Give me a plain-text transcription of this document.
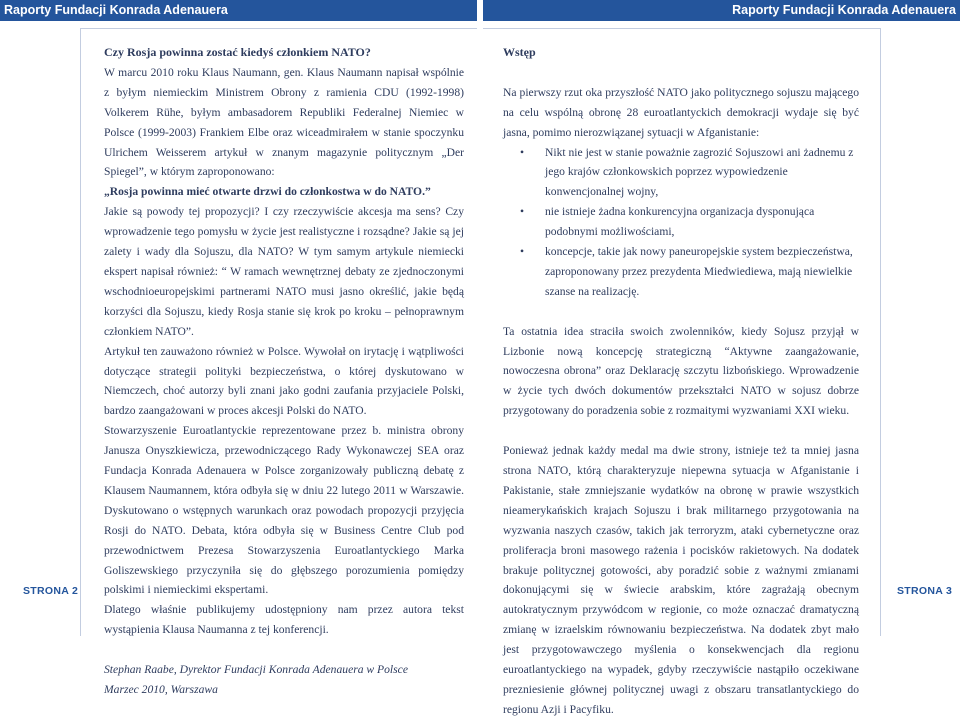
Raporty Fundacji Konrada Adenauera	Raporty Fundacji Konrada Adenauera

Czy Rosja powinna zostać kiedyś członkiem NATO?

W marcu 2010 roku Klaus Naumann, gen. Klaus Naumann napisał wspólnie z byłym niemieckim Ministrem Obrony z ramienia CDU (1992-1998) Volkerem Rühe, byłym ambasadorem Republiki Federalnej Niemiec w Polsce (1999-2003) Frankiem Elbe oraz wiceadmirałem w stanie spoczynku Ulrichem Weisserem artykuł w znanym magazynie politycznym „Der Spiegel”, w którym zaproponowano:

„Rosja powinna mieć otwarte drzwi do członkostwa w do NATO.”

Jakie są powody tej propozycji? I czy rzeczywiście akcesja ma sens? Czy wprowadzenie tego pomysłu w życie jest realistyczne i rozsądne? Jakie są jej zalety i wady dla Sojuszu, dla NATO? W tym samym artykule niemiecki ekspert napisał również: “ W ramach wewnętrznej debaty ze zjednoczonymi wschodnioeuropejskimi partnerami NATO musi jasno określić, jakie będą korzyści dla Sojuszu, kiedy Rosja stanie się krok po kroku – pełnoprawnym członkiem NATO”.

Artykuł ten zauważono również w Polsce. Wywołał on irytację i wątpliwości dotyczące strategii polityki bezpieczeństwa, o której dyskutowano w Niemczech, choć autorzy byli znani jako godni zaufania przyjaciele Polski, bardzo zaangażowani w proces akcesji Polski do NATO.

Stowarzyszenie Euroatlantyckie reprezentowane przez b. ministra obrony Janusza Onyszkiewicza, przewodniczącego Rady Wykonawczej SEA oraz Fundacja Konrada Adenauera w Polsce zorganizowały publiczną debatę z Klausem Naumannem, która odbyła się w dniu 22 lutego 2011 w Warszawie. Dyskutowano o wstępnych warunkach oraz powodach propozycji przyjęcia Rosji do NATO. Debata, która odbyła się w Business Centre Club pod przewodnictwem Prezesa Stowarzyszenia Euroatlantyckiego Marka Goliszewskiego przyczyniła się do głębszego porozumienia pomiędzy polskimi i niemieckimi ekspertami.

Dlatego właśnie publikujemy udostępniony nam przez autora tekst wystąpienia Klausa Naumanna z tej konferencji.

Stephan Raabe, Dyrektor Fundacji Konrada Adenauera w Polsce

Marzec 2010, Warszawa

Wstęp

Na pierwszy rzut oka przyszłość NATO jako politycznego sojuszu mającego na celu wspólną obronę 28 euroatlantyckich demokracji wydaje się być jasna, pomimo nierozwiązanej sytuacji w Afganistanie:

• Nikt nie jest w stanie poważnie zagrozić Sojuszowi ani żadnemu z jego krajów członkowskich poprzez wypowiedzenie konwencjonalnej wojny,
• nie istnieje żadna konkurencyjna organizacja dysponująca podobnymi możliwościami,
• koncepcje, takie jak nowy paneuropejskie system bezpieczeństwa, zaproponowany przez prezydenta Miedwiediewa, mają niewielkie szanse na realizację.

Ta ostatnia idea straciła swoich zwolenników, kiedy Sojusz przyjął w Lizbonie nową koncepcję strategiczną “Aktywne zaangażowanie, nowoczesna obrona” oraz Deklarację szczytu lizbońskiego. Wprowadzenie w życie tych dwóch dokumentów przekształci NATO w sojusz dobrze przygotowany do poradzenia sobie z rozmaitymi wyzwaniami XXI wieku.

Ponieważ jednak każdy medal ma dwie strony, istnieje też ta mniej jasna strona NATO, którą charakteryzuje niepewna sytuacja w Afganistanie i Pakistanie, stałe zmniejszanie wydatków na obronę w prawie wszystkich nieamerykańskich krajach Sojuszu i brak militarnego przygotowania na wyzwania naszych czasów, takich jak terroryzm, ataki cybernetyczne oraz proliferacja broni masowego rażenia i pocisków rakietowych. Na dodatek brakuje politycznej gotowości, aby poradzić sobie z ważnymi zmianami dokonującymi się w świecie arabskim, które zagrażają obecnym autokratycznym przywódcom w regionie, co może oznaczać dramatyczną zmianę w izraelskim równowaniu bezpieczeństwa. Na dodatek zbyt mało jest przygotowawczego myślenia o konsekwencjach dla regionu euroatlantyckiego na wypadek, gdyby rzeczywiście nastąpiło oczekiwane prezniesienie głównej politycznej uwagi z obszaru transatlantyckiego do regionu Azji i Pacyfiku.

STRONA 2	STRONA 3
